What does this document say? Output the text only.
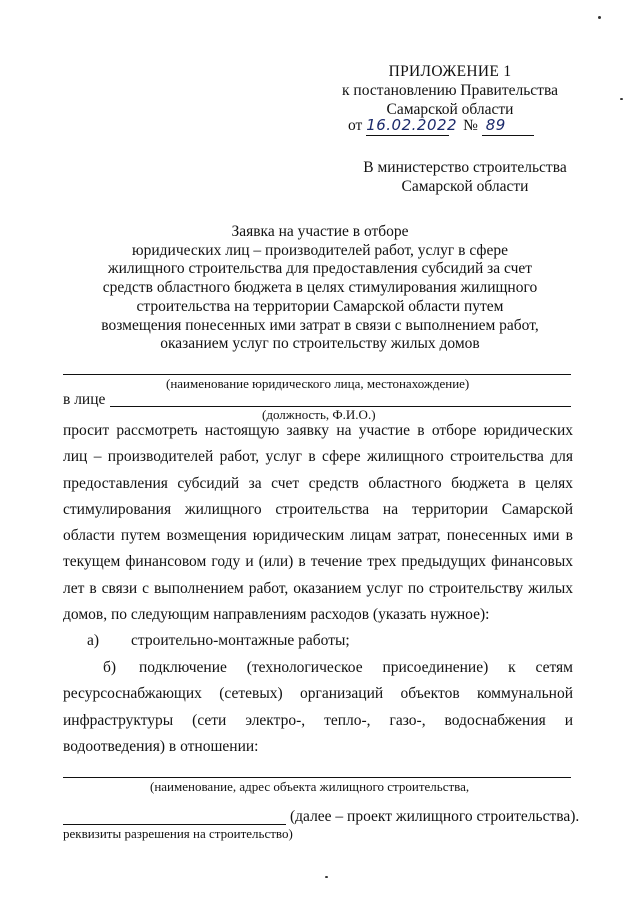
ПРИЛОЖЕНИЕ 1
к постановлению Правительства
Самарской области
от 16.02.2022 № 89
В министерство строительства
Самарской области
Заявка на участие в отборе
юридических лиц – производителей работ, услуг в сфере
жилищного строительства для предоставления субсидий за счет
средств областного бюджета в целях стимулирования жилищного
строительства на территории Самарской области путем
возмещения понесенных ими затрат в связи с выполнением работ,
оказанием услуг по строительству жилых домов
(наименование юридического лица, местонахождение)
в лице
(должность, Ф.И.О.)

просит рассмотреть настоящую заявку на участие в отборе юридических лиц – производителей работ, услуг в сфере жилищного строительства для предоставления субсидий за счет средств областного бюджета в целях стимулирования жилищного строительства на территории Самарской области путем возмещения юридическим лицам затрат, понесенных ими в текущем финансовом году и (или) в течение трех предыдущих финансовых лет в связи с выполнением работ, оказанием услуг по строительству жилых домов, по следующим направлениям расходов (указать нужное):

а) строительно-монтажные работы;
б) подключение (технологическое присоединение) к сетям ресурсоснабжающих (сетевых) организаций объектов коммунальной инфраструктуры (сети электро-, тепло-, газо-, водоснабжения и водоотведения) в отношении:
(наименование, адрес объекта жилищного строительства,
(далее – проект жилищного строительства).
реквизиты разрешения на строительство)
